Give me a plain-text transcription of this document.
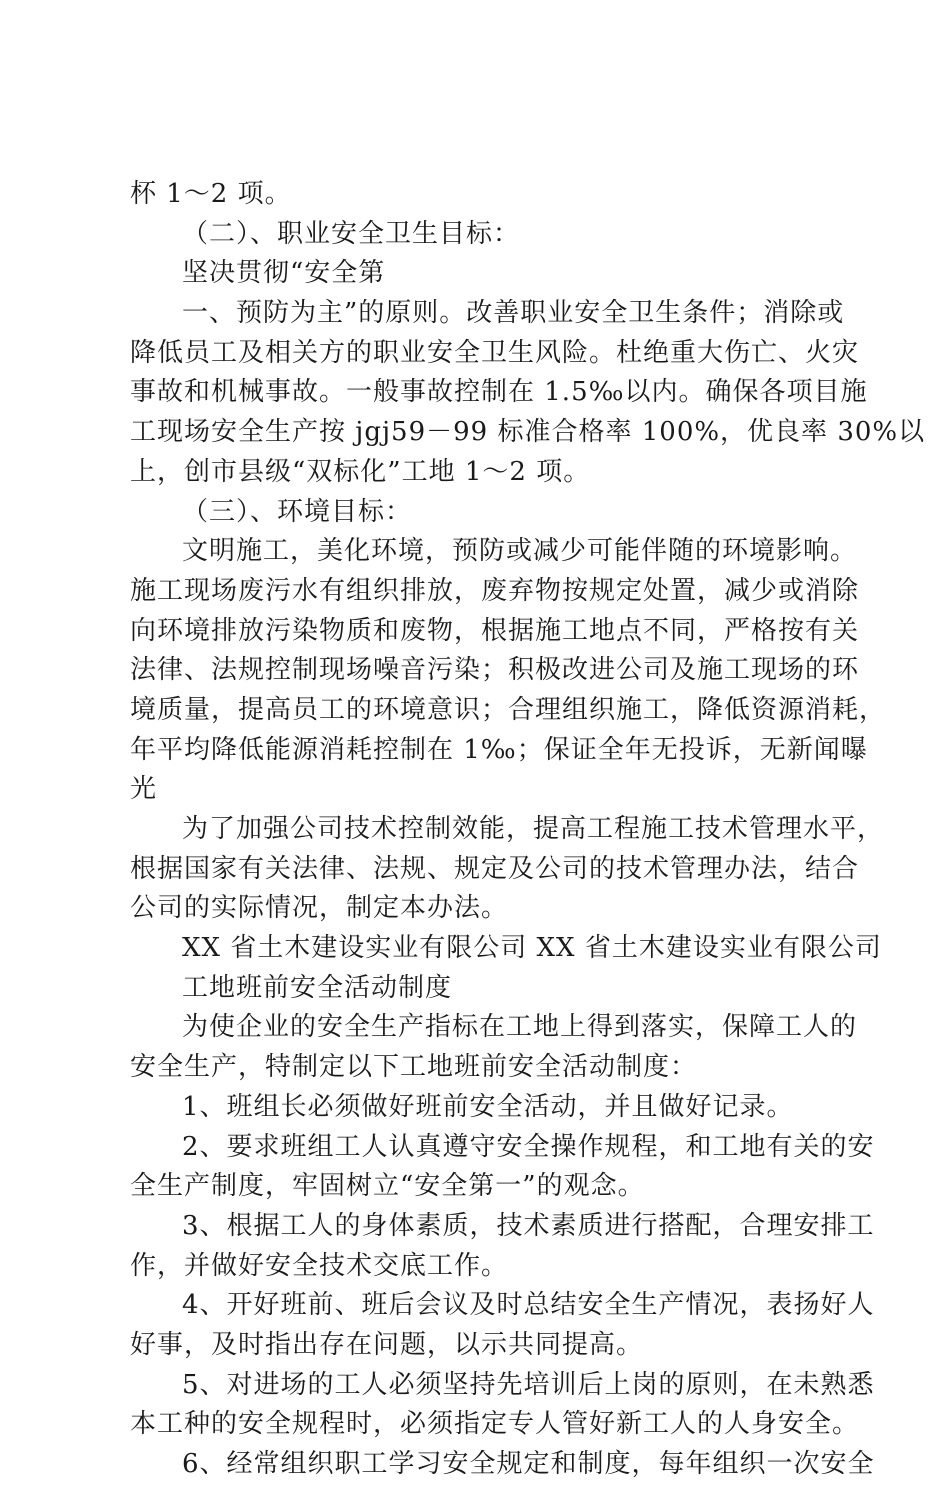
杯 1～2 项。
（二）、职业安全卫生目标：
坚决贯彻“安全第
一、预防为主”的原则。改善职业安全卫生条件；消除或
降低员工及相关方的职业安全卫生风险。杜绝重大伤亡、火灾
事故和机械事故。一般事故控制在 1.5‰以内。确保各项目施
工现场安全生产按 jgj59－99 标准合格率 100%，优良率 30%以
上，创市县级“双标化”工地 1～2 项。
（三）、环境目标：
文明施工，美化环境，预防或减少可能伴随的环境影响。
施工现场废污水有组织排放，废弃物按规定处置，减少或消除
向环境排放污染物质和废物，根据施工地点不同，严格按有关
法律、法规控制现场噪音污染；积极改进公司及施工现场的环
境质量，提高员工的环境意识；合理组织施工，降低资源消耗，
年平均降低能源消耗控制在 1‰；保证全年无投诉，无新闻曝
光
为了加强公司技术控制效能，提高工程施工技术管理水平，
根据国家有关法律、法规、规定及公司的技术管理办法，结合
公司的实际情况，制定本办法。
XX 省土木建设实业有限公司 XX 省土木建设实业有限公司
工地班前安全活动制度
为使企业的安全生产指标在工地上得到落实，保障工人的
安全生产，特制定以下工地班前安全活动制度：
1、班组长必须做好班前安全活动，并且做好记录。
2、要求班组工人认真遵守安全操作规程，和工地有关的安
全生产制度，牢固树立“安全第一”的观念。
3、根据工人的身体素质，技术素质进行搭配，合理安排工
作，并做好安全技术交底工作。
4、开好班前、班后会议及时总结安全生产情况，表扬好人
好事，及时指出存在问题，以示共同提高。
5、对进场的工人必须坚持先培训后上岗的原则，在未熟悉
本工种的安全规程时，必须指定专人管好新工人的人身安全。
6、经常组织职工学习安全规定和制度，每年组织一次安全
